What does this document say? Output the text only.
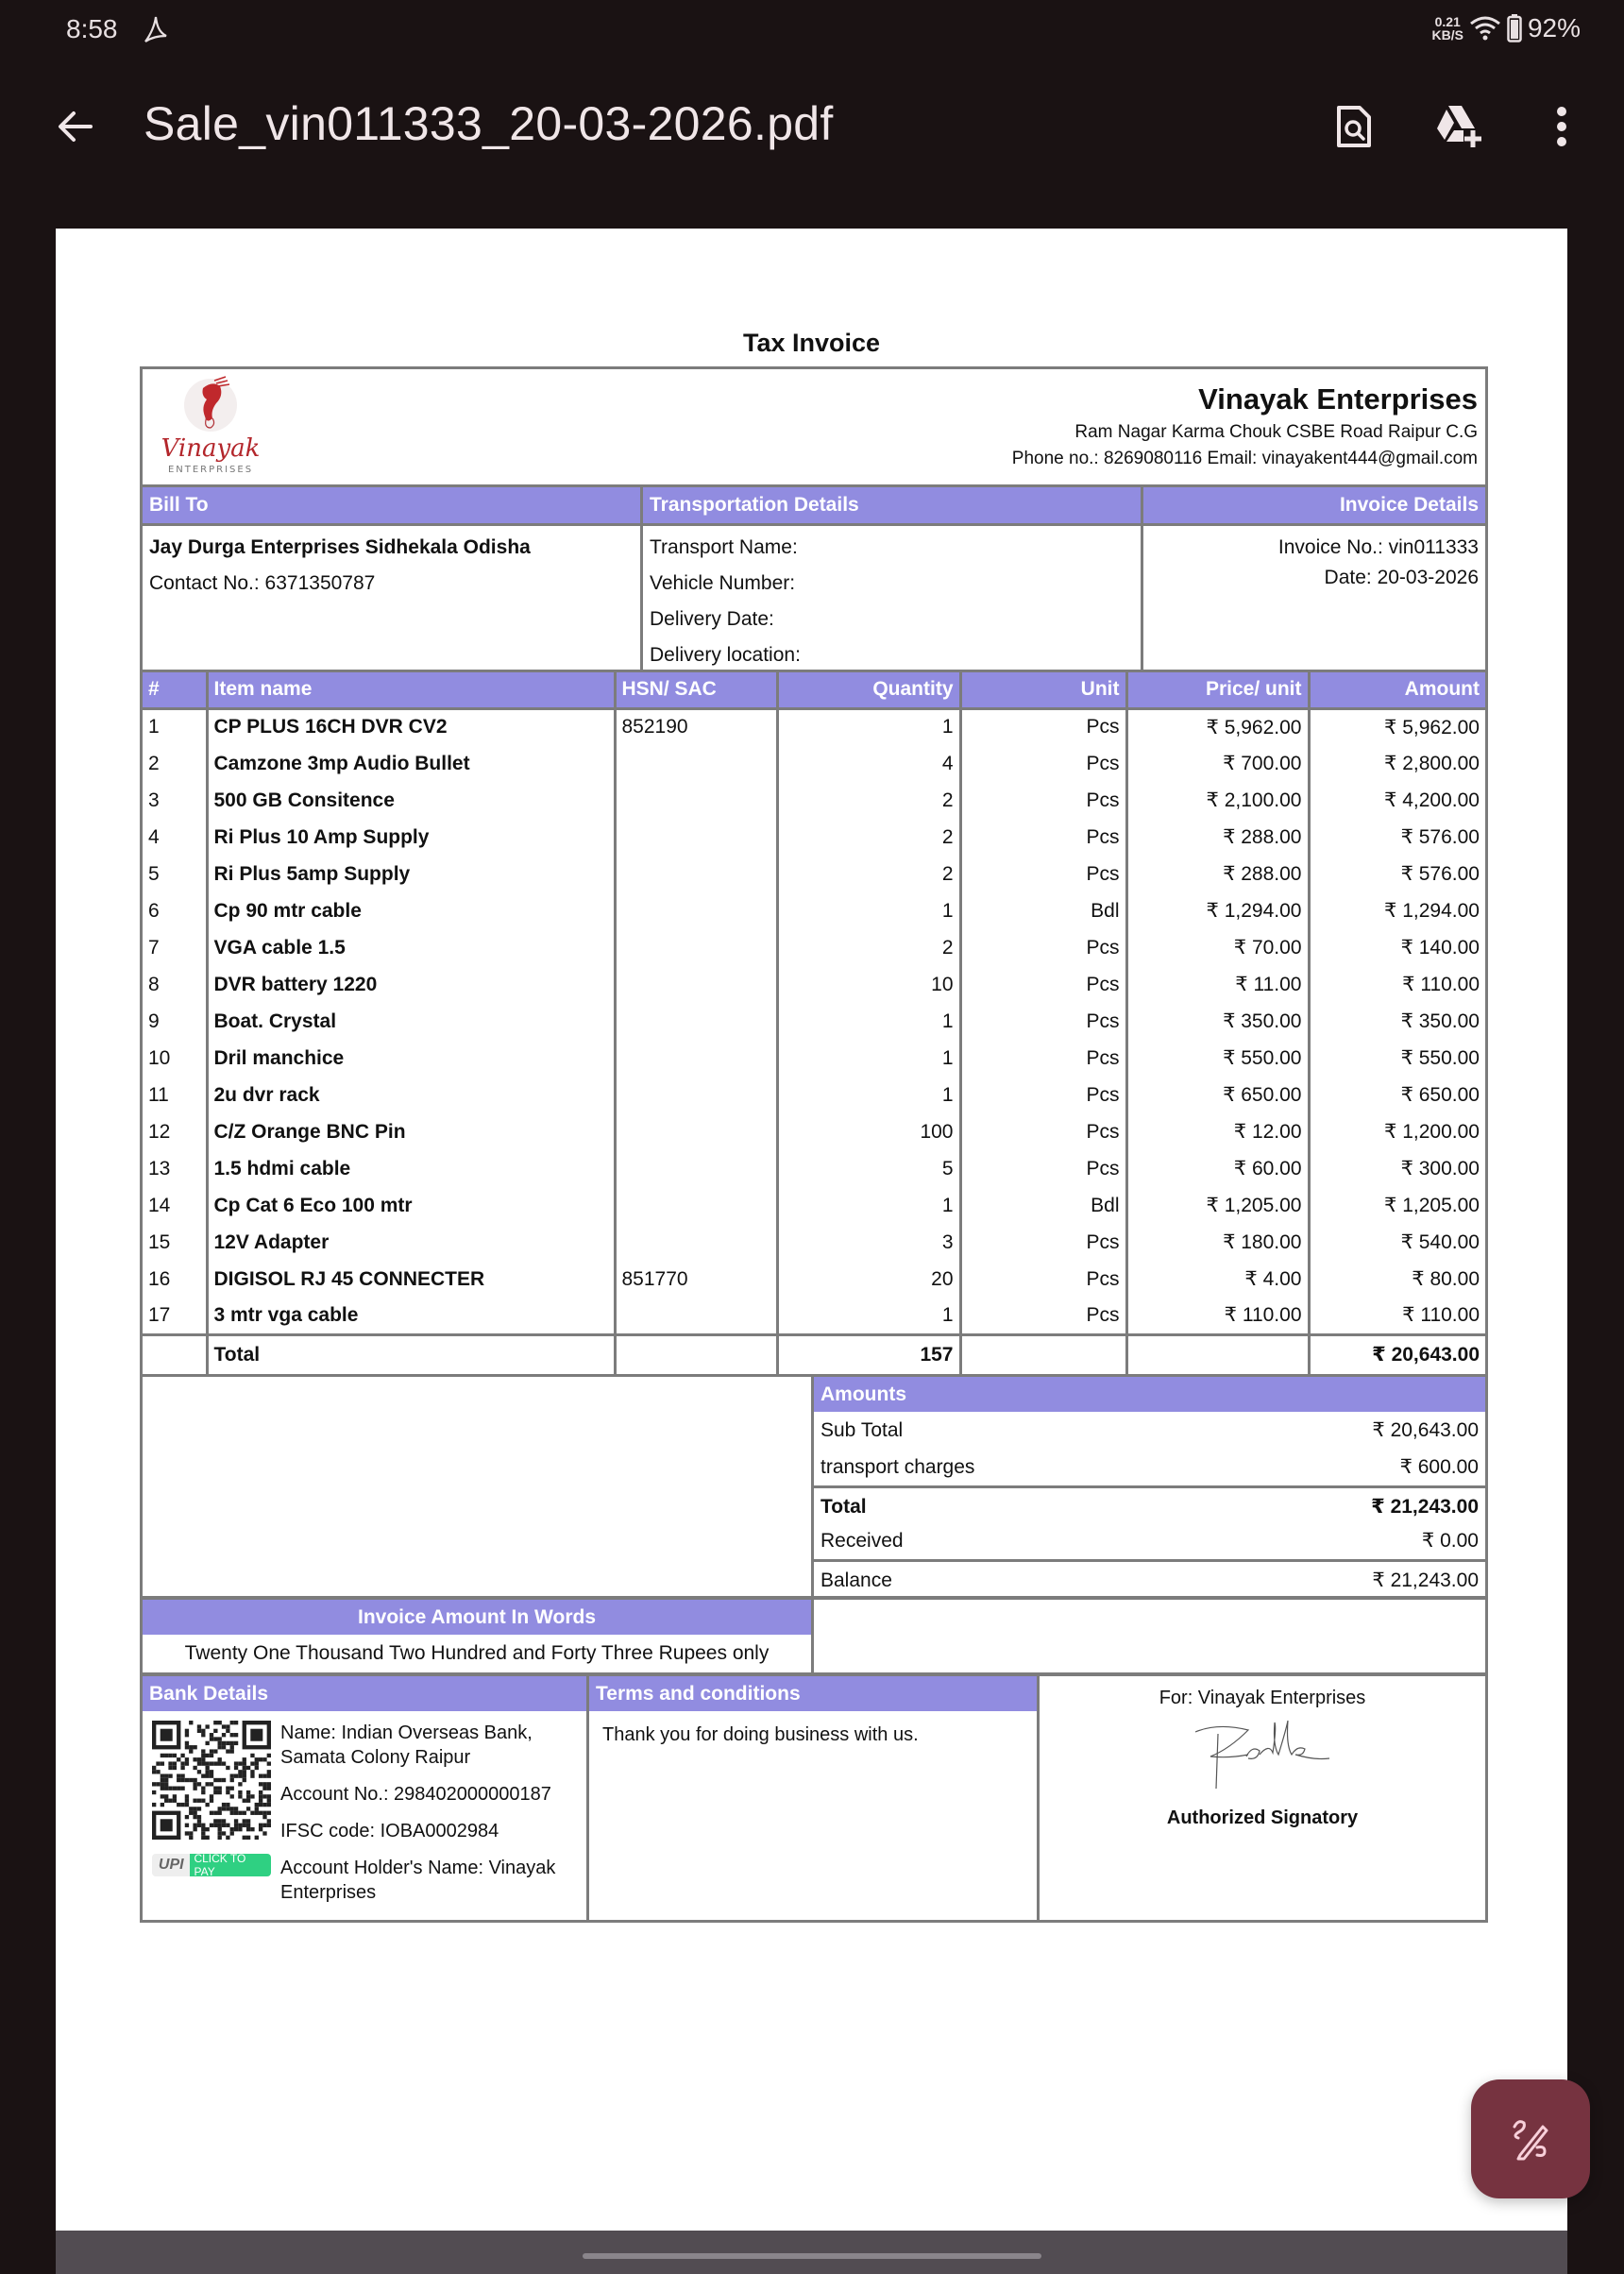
8:58	0.21
KB/S 92%
Sale_vin011333_20-03-2026.pdf
Tax Invoice
Vinayak
ENTERPRISES
Vinayak Enterprises
Ram Nagar Karma Chouk CSBE Road Raipur C.G
Phone no.: 8269080116 Email: vinayakent444@gmail.com
Bill To
Jay Durga Enterprises Sidhekala Odisha
Contact No.: 6371350787
Transportation Details
Transport Name:
Vehicle Number:
Delivery Date:
Delivery location:
Invoice Details
Invoice No.: vin011333
Date: 20-03-2026
#	Item name	HSN/ SAC	Quantity	Unit	Price/ unit	Amount
1	CP PLUS 16CH DVR CV2	852190	1	Pcs	₹ 5,962.00	₹ 5,962.00
2	Camzone 3mp Audio Bullet		4	Pcs	₹ 700.00	₹ 2,800.00
3	500 GB Consitence		2	Pcs	₹ 2,100.00	₹ 4,200.00
4	Ri Plus 10 Amp Supply		2	Pcs	₹ 288.00	₹ 576.00
5	Ri Plus 5amp Supply		2	Pcs	₹ 288.00	₹ 576.00
6	Cp 90 mtr cable		1	Bdl	₹ 1,294.00	₹ 1,294.00
7	VGA cable 1.5		2	Pcs	₹ 70.00	₹ 140.00
8	DVR battery 1220		10	Pcs	₹ 11.00	₹ 110.00
9	Boat. Crystal		1	Pcs	₹ 350.00	₹ 350.00
10	Dril manchice		1	Pcs	₹ 550.00	₹ 550.00
11	2u dvr rack		1	Pcs	₹ 650.00	₹ 650.00
12	C/Z Orange BNC Pin		100	Pcs	₹ 12.00	₹ 1,200.00
13	1.5 hdmi cable		5	Pcs	₹ 60.00	₹ 300.00
14	Cp Cat 6 Eco 100 mtr		1	Bdl	₹ 1,205.00	₹ 1,205.00
15	12V Adapter		3	Pcs	₹ 180.00	₹ 540.00
16	DIGISOL RJ 45 CONNECTER	851770	20	Pcs	₹ 4.00	₹ 80.00
17	3 mtr vga cable		1	Pcs	₹ 110.00	₹ 110.00
	Total		157			₹ 20,643.00
Amounts
Sub Total	₹ 20,643.00
transport charges	₹ 600.00
Total	₹ 21,243.00
Received	₹ 0.00
Balance	₹ 21,243.00
Invoice Amount In Words
Twenty One Thousand Two Hundred and Forty Three Rupees only
Bank Details
UPI CLICK TO PAY
Name: Indian Overseas Bank, Samata Colony Raipur
Account No.: 298402000000187
IFSC code: IOBA0002984
Account Holder's Name: Vinayak Enterprises
Terms and conditions
Thank you for doing business with us.
For: Vinayak Enterprises
Authorized Signatory
